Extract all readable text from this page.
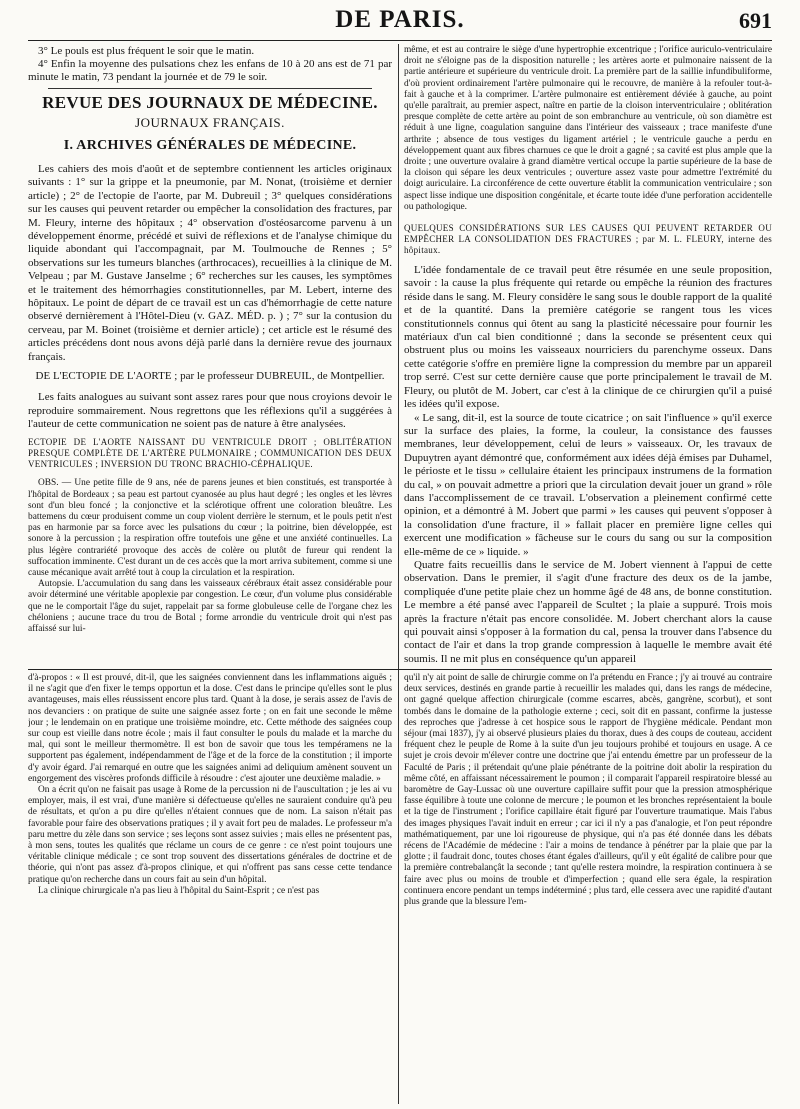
DE PARIS.	691

3° Le pouls est plus fréquent le soir que le matin.

4° Enfin la moyenne des pulsations chez les enfans de 10 à 20 ans est de 71 par minute le matin, 73 pendant la journée et de 79 le soir.

REVUE DES JOURNAUX DE MÉDECINE.
JOURNAUX FRANÇAIS.
I. ARCHIVES GÉNÉRALES DE MÉDECINE.

Les cahiers des mois d'août et de septembre contiennent les articles originaux suivants : 1° sur la grippe et la pneumonie, par M. Nonat, (troisième et dernier article) ; 2° de l'ectopie de l'aorte, par M. Dubreuil ; 3° quelques considérations sur les causes qui peuvent retarder ou empêcher la consolidation des fractures, par M. Fleury, interne des hôpitaux ; 4° observation d'ostéosarcome parvenu à un développement énorme, précédé et suivi de réflexions et de l'analyse chimique du liquide abondant qui l'accompagnait, par M. Toulmouche de Rennes ; 5° observations sur les tumeurs blanches (arthrocaces), recueillies à la clinique de M. Velpeau ; par M. Gustave Janselme ; 6° recherches sur les causes, les symptômes et le traitement des hémorrhagies constitutionnelles, par M. Lebert, interne des hôpitaux. Le point de départ de ce travail est un cas d'hémorrhagie de cette nature observé dernièrement à l'Hôtel-Dieu (v. GAZ. MÉD. p. ) ; 7° sur la contusion du cerveau, par M. Boinet (troisième et dernier article) ; cet article est le résumé des articles précédens dont nous avons déjà parlé dans la dernière revue des journaux français.

DE L'ECTOPIE DE L'AORTE ; par le professeur DUBREUIL, de Montpellier.

Les faits analogues au suivant sont assez rares pour que nous croyions devoir le reproduire sommairement. Nous regrettons que les réflexions qu'il a suggérées à l'auteur de cette communication ne soient pas de nature à être analysées.

ECTOPIE DE L'AORTE NAISSANT DU VENTRICULE DROIT ; OBLITÉRATION PRESQUE COMPLÈTE DE L'ARTÈRE PULMONAIRE ; COMMUNICATION DES DEUX VENTRICULES ; INVERSION DU TRONC BRACHIO-CÉPHALIQUE.

OBS. — Une petite fille de 9 ans, née de parens jeunes et bien constitués, est transportée à l'hôpital de Bordeaux ; sa peau est partout cyanosée au plus haut degré ; les ongles et les lèvres sont d'un bleu foncé ; la conjonctive et la sclérotique offrent une coloration bleuâtre. Les battemens du cœur produisent comme un coup violent derrière le sternum, et le pouls petit n'est pas en harmonie par sa force avec les pulsations du cœur ; la poitrine, bien développée, est sonore à la percussion ; la respiration offre toutefois une gêne et une anxiété continuelles. La plus légère contrariété provoque des accès de colère ou plutôt de fureur qui rendent la suffocation imminente. C'est durant un de ces accès que la mort arriva subitement, comme si une cause mécanique avait arrêté tout à coup la circulation et la respiration.

Autopsie. L'accumulation du sang dans les vaisseaux cérébraux était assez considérable pour avoir déterminé une véritable apoplexie par congestion. Le cœur, d'un volume plus considérable que ne le comportait l'âge du sujet, rappelait par sa forme globuleuse celle de l'organe chez les chéloniens ; aucune trace du trou de Botal ; forme arrondie du ventricule droit qui n'est pas affaissé sur lui-

même, et est au contraire le siège d'une hypertrophie excentrique ; l'orifice auriculo-ventriculaire droit ne s'éloigne pas de la disposition naturelle ; les artères aorte et pulmonaire naissent de la partie antérieure et supérieure du ventricule droit. La première part de la saillie infundibuliforme, d'où provient ordinairement l'artère pulmonaire qui le recouvre, de manière à la refouler tout-à-fait à gauche et à la comprimer. L'artère pulmonaire est entièrement déviée à gauche, au point qu'elle paraîtrait, au premier aspect, naître en partie de la cloison interventriculaire ; oblitération presque complète de cette artère au point de son embranchure au ventricule, où son diamètre est réduit à une ligne, coagulation sanguine dans l'intérieur des vaisseaux ; trace manifeste d'une arthrite ; absence de tous vestiges du ligament artériel ; le ventricule gauche a perdu en développement quant aux fibres charnues ce que le droit a gagné ; sa cavité est plus ample que la droite ; une ouverture ovalaire à grand diamètre vertical occupe la partie supérieure de la base de la cloison qui sépare les deux ventricules ; ouverture assez vaste pour admettre l'extrémité du doigt auriculaire. La circonférence de cette ouverture établit la communication ventriculaire ; son aspect lisse indique une disposition congénitale, et écarte toute idée d'une perforation accidentelle ou pathologique.

QUELQUES CONSIDÉRATIONS SUR LES CAUSES QUI PEUVENT RETARDER OU EMPÊCHER LA CONSOLIDATION DES FRACTURES ; par M. L. FLEURY, interne des hôpitaux.

L'idée fondamentale de ce travail peut être résumée en une seule proposition, savoir : la cause la plus fréquente qui retarde ou empêche la réunion des fractures réside dans le sang. M. Fleury considère le sang sous le double rapport de la qualité et de la quantité. Dans la première catégorie se rangent tous les vices constitutionnels connus qui ôtent au sang la plasticité nécessaire pour fournir les matériaux d'un cal bien conditionné ; dans la seconde se présentent ceux qui obstruent plus ou moins les vaisseaux nourriciers du parenchyme osseux. Dans cette catégorie s'offre en première ligne la compression du membre par un appareil trop serré. C'est sur cette dernière cause que porte principalement le travail de M. Fleury, ou plutôt de M. Jobert, car c'est à la clinique de ce chirurgien qu'il a puisé les idées qu'il expose.

« Le sang, dit-il, est la source de toute cicatrice ; on sait l'influence » qu'il exerce sur la surface des plaies, la forme, la couleur, la consistance des fausses membranes, leur développement, celui de leurs » vaisseaux. Or, les travaux de Dupuytren ayant démontré que, conformément aux idées déjà émises par Duhamel, le périoste et le tissu » cellulaire étaient les principaux instrumens de la formation du cal, » on pouvait admettre a priori que la circulation devait jouer un grand » rôle dans l'accomplissement de ce travail. L'observation a pleinement confirmé cette opinion, et a démontré à M. Jobert que parmi » les causes qui peuvent s'opposer à la consolidation d'une fracture, il » fallait placer en première ligne celles qui exercent une modification » fâcheuse sur le cours du sang ou sur la composition elle-même de ce » liquide. »

Quatre faits recueillis dans le service de M. Jobert viennent à l'appui de cette observation. Dans le premier, il s'agit d'une fracture des deux os de la jambe, compliquée d'une petite plaie chez un homme âgé de 48 ans, de bonne constitution. Le membre a été pansé avec l'appareil de Scultet ; la plaie a suppuré. Trois mois après la fracture n'était pas encore consolidée. M. Jobert cherchant alors la cause qui pouvait ainsi s'opposer à la formation du cal, pensa la trouver dans l'absence du contact de l'air et dans la trop grande compression à laquelle le membre avait été soumis. Il ne mit plus en conséquence qu'un appareil

d'à-propos : « Il est prouvé, dit-il, que les saignées conviennent dans les inflammations aiguës ; il ne s'agit que d'en fixer le temps opportun et la dose. C'est dans le principe qu'elles sont le plus avantageuses, mais elles réussissent encore plus tard. Quant à la dose, je serais assez de l'avis de nos devanciers : on pratique de suite une saignée assez forte ; on en fait une seconde le même jour ; le lendemain on en pratique une troisième moindre, etc. Cette méthode des saignées coup sur coup est vieille dans notre école ; mais il faut consulter le pouls du malade et la marche du mal, qui sont le meilleur thermomètre. Il est bon de savoir que tous les tempéramens ne la supportent pas également, indépendamment de l'âge et de la force de la constitution ; il importe d'y avoir égard. J'ai remarqué en outre que les saignées animi ad deliquium amènent souvent un engorgement des viscères profonds difficile à résoudre : c'est ajouter une deuxième maladie. »

On a écrit qu'on ne faisait pas usage à Rome de la percussion ni de l'auscultation ; je les ai vu employer, mais, il est vrai, d'une manière si défectueuse qu'elles ne sauraient conduire qu'à peu de résultats, et qu'on a pu dire qu'elles n'étaient connues que de nom. La saison n'était pas favorable pour faire des observations pratiques ; il y avait fort peu de malades. Le professeur m'a paru mettre du zèle dans son service ; ses leçons sont assez suivies ; mais elles ne présentent pas, à mon sens, toutes les qualités que réclame un cours de ce genre : ce n'est point toujours une véritable clinique médicale ; ce sont trop souvent des dissertations générales de doctrine et de théorie, qui n'ont pas assez d'à-propos clinique, et qui n'offrent pas sans cesse cette tendance pratique qu'on recherche dans un cours fait au sein d'un hôpital.

La clinique chirurgicale n'a pas lieu à l'hôpital du Saint-Esprit ; ce n'est pas

qu'il n'y ait point de salle de chirurgie comme on l'a prétendu en France ; j'y ai trouvé au contraire deux services, destinés en grande partie à recueillir les malades qui, dans les rangs de médecine, ont gagné quelque affection chirurgicale (comme escarres, abcès, gangrène, scorbut), et sont tombés dans le domaine de la pathologie externe ; ceci, soit dit en passant, confirme la justesse des reproches que j'adresse à cet hospice sous le rapport de l'hygiène médicale. Pendant mon séjour (mai 1837), j'y ai observé plusieurs plaies du thorax, dues à des coups de couteau, accident fréquent chez le peuple de Rome à la suite d'un jeu toujours prohibé et toujours en usage. A ce sujet je crois devoir m'élever contre une doctrine que j'ai entendu émettre par un professeur de la Faculté de Paris ; il prétendait qu'une plaie pénétrante de la poitrine doit abolir la respiration du même côté, en affaissant nécessairement le poumon ; il comparait l'appareil respiratoire blessé au baromètre de Gay-Lussac où une ouverture capillaire suffit pour que la pression atmosphérique fasse équilibre à toute une colonne de mercure ; le poumon et les bronches représentaient la boule et la tige de l'instrument ; l'orifice capillaire était figuré par l'ouverture traumatique. Mais l'abus des images physiques l'avait induit en erreur ; car ici il n'y a pas d'analogie, et l'on peut répondre mathématiquement, par une loi rigoureuse de physique, qui n'a pas été donnée dans les débats récens de l'Académie de médecine : l'air a moins de tendance à pénétrer par la plaie que par la glotte ; il faudrait donc, toutes choses étant égales d'ailleurs, qu'il y eût égalité de calibre pour que la première contrebalançât la seconde ; tant qu'elle restera moindre, la respiration continuera à se faire avec plus ou moins de trouble et d'imperfection ; quand elle sera égale, la respiration continuera encore pendant un temps indéterminé ; plus tard, elle cessera avec une rapidité d'autant plus grande que la blessure l'em-
